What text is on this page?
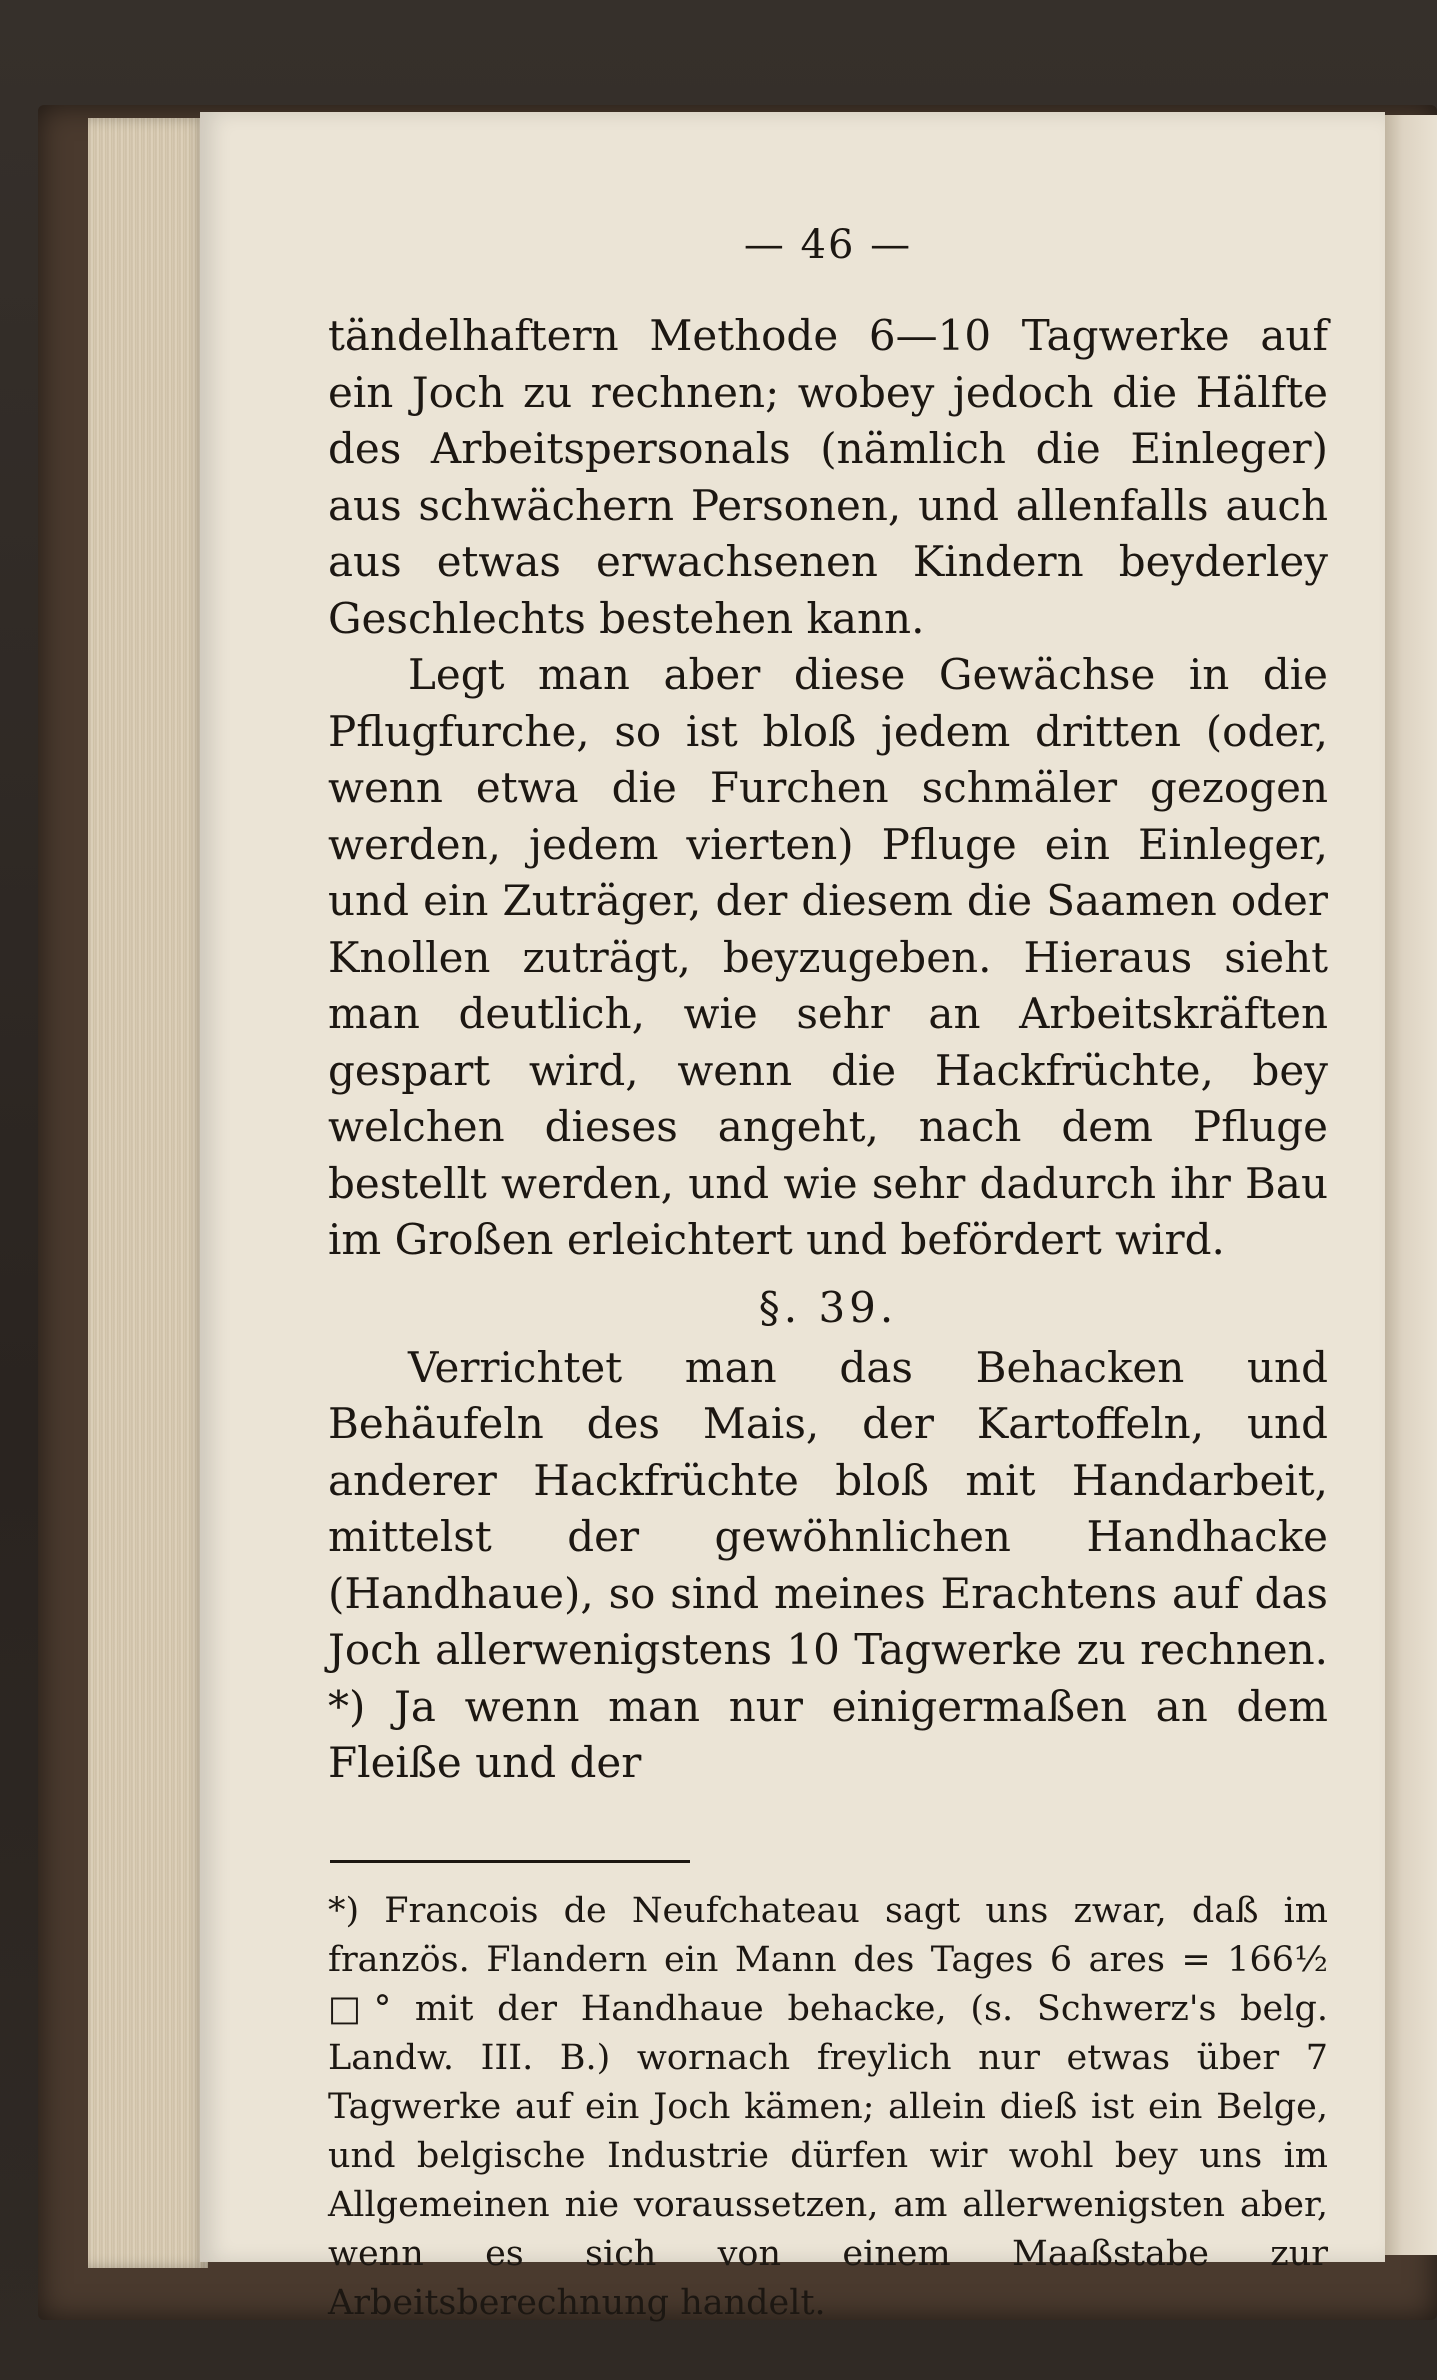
— 46 —

tändelhaftern Methode 6—10 Tagwerke auf ein Joch zu rechnen; wobey jedoch die Hälfte des Arbeitspersonals (nämlich die Einleger) aus schwächern Personen, und allenfalls auch aus etwas erwachsenen Kindern beyderley Geschlechts bestehen kann.

Legt man aber diese Gewächse in die Pflugfurche, so ist bloß jedem dritten (oder, wenn etwa die Furchen schmäler gezogen werden, jedem vierten) Pfluge ein Einleger, und ein Zuträger, der diesem die Saamen oder Knollen zuträgt, beyzugeben. Hieraus sieht man deutlich, wie sehr an Arbeitskräften gespart wird, wenn die Hackfrüchte, bey welchen dieses angeht, nach dem Pfluge bestellt werden, und wie sehr dadurch ihr Bau im Großen erleichtert und befördert wird.

§. 39.

Verrichtet man das Behacken und Behäufeln des Mais, der Kartoffeln, und anderer Hackfrüchte bloß mit Handarbeit, mittelst der gewöhnlichen Handhacke (Handhaue), so sind meines Erachtens auf das Joch allerwenigstens 10 Tagwerke zu rechnen. *) Ja wenn man nur einigermaßen an dem Fleiße und der

*) Francois de Neufchateau sagt uns zwar, daß im französ. Flandern ein Mann des Tages 6 ares = 166½ □° mit der Handhaue behacke, (s. Schwerz's belg. Landw. III. B.) wornach freylich nur etwas über 7 Tagwerke auf ein Joch kämen; allein dieß ist ein Belge, und belgische Industrie dürfen wir wohl bey uns im Allgemeinen nie voraussetzen, am allerwenigsten aber, wenn es sich von einem Maaßstabe zur Arbeitsberechnung handelt.
